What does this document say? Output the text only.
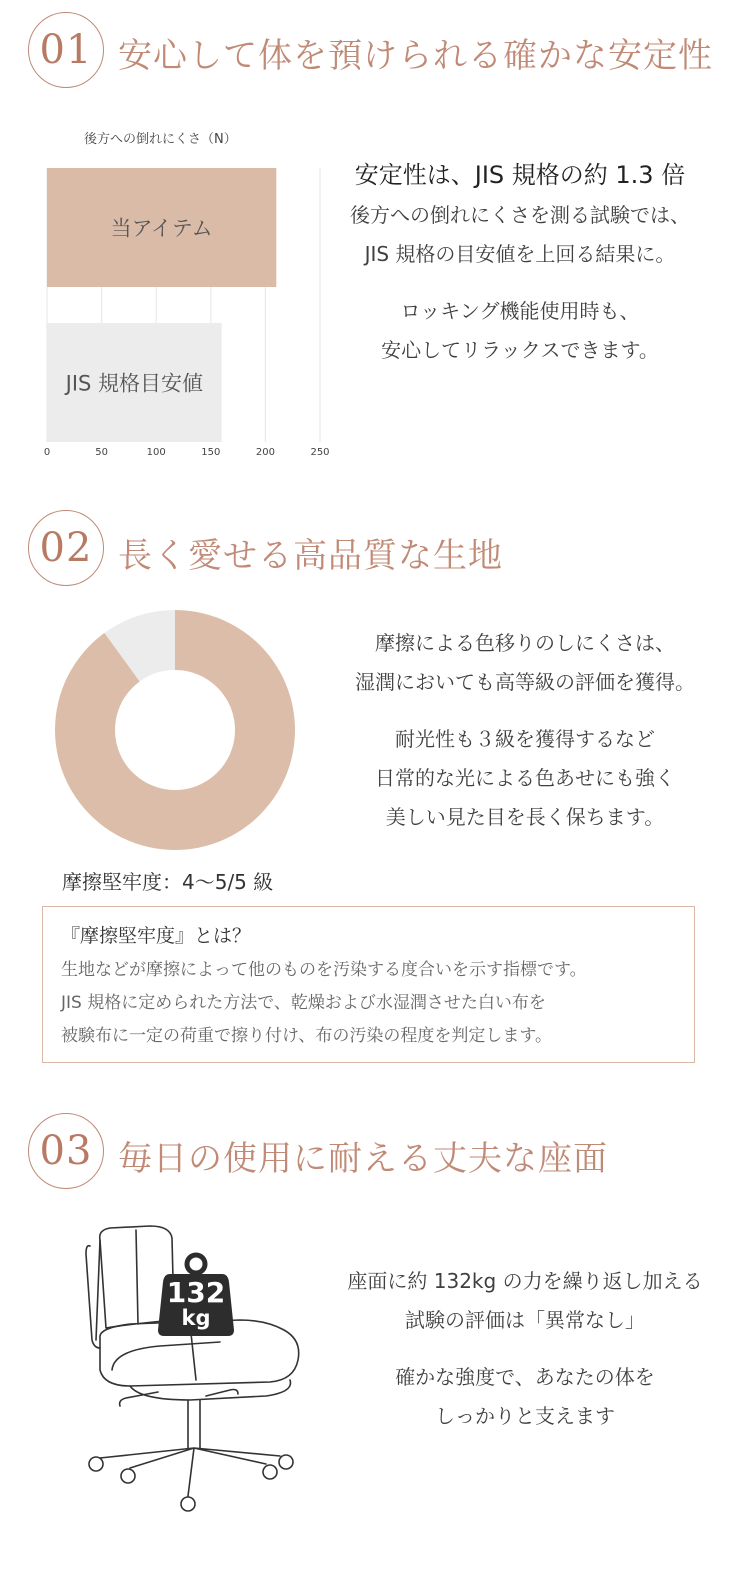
01 安心して体を預けられる確かな安定性
後方への倒れにくさ（N）
当アイテム
JIS 規格目安値
0	50	100	150	200	250
安定性は、JIS 規格の約 1.3 倍
後方への倒れにくさを測る試験では、
JIS 規格の目安値を上回る結果に。
ロッキング機能使用時も、
安心してリラックスできます。
02 長く愛せる高品質な生地
摩擦堅牢度：4〜5/5 級
摩擦による色移りのしにくさは、
湿潤においても高等級の評価を獲得。
耐光性も３級を獲得するなど
日常的な光による色あせにも強く
美しい見た目を長く保ちます。
『摩擦堅牢度』とは？
生地などが摩擦によって他のものを汚染する度合いを示す指標です。
JIS 規格に定められた方法で、乾燥および水湿潤させた白い布を
被験布に一定の荷重で擦り付け、布の汚染の程度を判定します。
03 毎日の使用に耐える丈夫な座面
132
kg
座面に約 132kg の力を繰り返し加える
試験の評価は「異常なし」
確かな強度で、あなたの体を
しっかりと支えます
